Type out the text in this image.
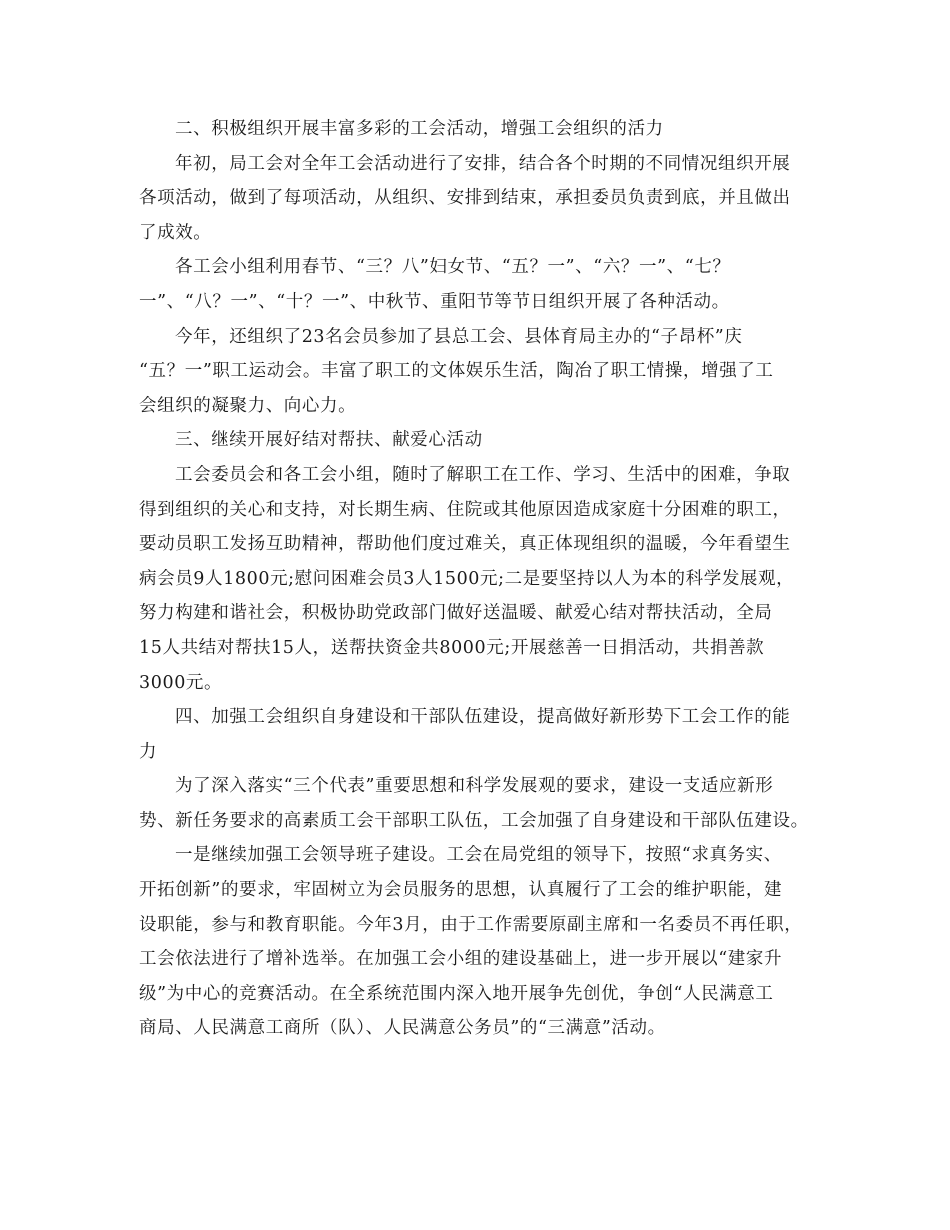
二、积极组织开展丰富多彩的工会活动，增强工会组织的活力

年初，局工会对全年工会活动进行了安排，结合各个时期的不同情况组织开展
各项活动，做到了每项活动，从组织、安排到结束，承担委员负责到底，并且做出
了成效。

各工会小组利用春节、“三？八”妇女节、“五？一”、“六？一”、“七？
一”、“八？一”、“十？一”、中秋节、重阳节等节日组织开展了各种活动。

今年，还组织了23名会员参加了县总工会、县体育局主办的“子昂杯”庆
“五？一”职工运动会。丰富了职工的文体娱乐生活，陶冶了职工情操，增强了工
会组织的凝聚力、向心力。

三、继续开展好结对帮扶、献爱心活动

工会委员会和各工会小组，随时了解职工在工作、学习、生活中的困难，争取
得到组织的关心和支持，对长期生病、住院或其他原因造成家庭十分困难的职工，
要动员职工发扬互助精神，帮助他们度过难关，真正体现组织的温暖，今年看望生
病会员9人1800元;慰问困难会员3人1500元;二是要坚持以人为本的科学发展观，
努力构建和谐社会，积极协助党政部门做好送温暖、献爱心结对帮扶活动，全局
15人共结对帮扶15人，送帮扶资金共8000元;开展慈善一日捐活动，共捐善款
3000元。

四、加强工会组织自身建设和干部队伍建设，提高做好新形势下工会工作的能
力

为了深入落实“三个代表”重要思想和科学发展观的要求，建设一支适应新形
势、新任务要求的高素质工会干部职工队伍，工会加强了自身建设和干部队伍建设。

一是继续加强工会领导班子建设。工会在局党组的领导下，按照“求真务实、
开拓创新”的要求，牢固树立为会员服务的思想，认真履行了工会的维护职能，建
设职能，参与和教育职能。今年3月，由于工作需要原副主席和一名委员不再任职，
工会依法进行了增补选举。在加强工会小组的建设基础上，进一步开展以“建家升
级”为中心的竞赛活动。在全系统范围内深入地开展争先创优，争创“人民满意工
商局、人民满意工商所（队）、人民满意公务员”的“三满意”活动。
